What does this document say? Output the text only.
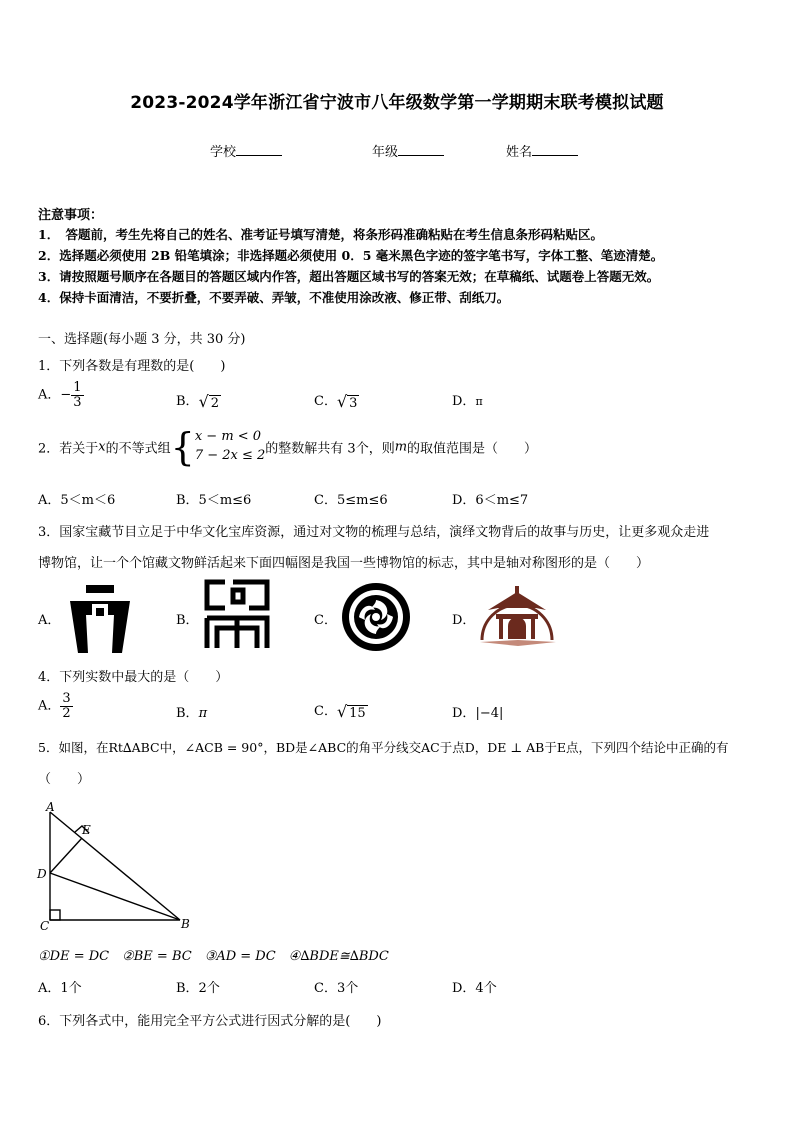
2023-2024学年浙江省宁波市八年级数学第一学期期末联考模拟试题
学校	年级	姓名
注意事项：
1．　答题前，考生先将自己的姓名、准考证号填写清楚，将条形码准确粘贴在考生信息条形码粘贴区。
2．选择题必须使用 2B 铅笔填涂；非选择题必须使用 0．5 毫米黑色字迹的签字笔书写，字体工整、笔迹清楚。
3．请按照题号顺序在各题目的答题区域内作答，超出答题区域书写的答案无效；在草稿纸、试题卷上答题无效。
4．保持卡面清洁，不要折叠，不要弄破、弄皱，不准使用涂改液、修正带、刮纸刀。
一、选择题(每小题 3 分，共 30 分)
1．下列各数是有理数的是(　　)
A．− $\frac{1}{3}$	B．√ 2	C．√ 3	D．π
2．若关于x的不等式组{ x − m < 0
7 − 2x ≤ 2 的整数解共有 3个，则m的取值范围是（　　）
A．5＜m＜6	B．5＜m≤6	C．5≤m≤6	D．6＜m≤7
3．国家宝藏节目立足于中华文化宝库资源，通过对文物的梳理与总结，演绎文物背后的故事与历史，让更多观众走进
博物馆，让一个个馆藏文物鲜活起来下面四幅图是我国一些博物馆的标志，其中是轴对称图形的是（　　）
A．	B．	C．	D．
4．下列实数中最大的是（　　）
A． $\frac{3}{2}$	B．π	C．√ 15	D．|−4|
5．如图，在Rt∆ABC中，∠ACB = 90°，BD是∠ABC的角平分线交AC于点D，DE ⊥ AB于E点，下列四个结论中正确的有
（　　）
A
E
D
C	B
①DE = DC　②BE = BC　③AD = DC　④∆BDE≅∆BDC
A．1个	B．2个	C．3个	D．4个
6．下列各式中，能用完全平方公式进行因式分解的是(　　)
